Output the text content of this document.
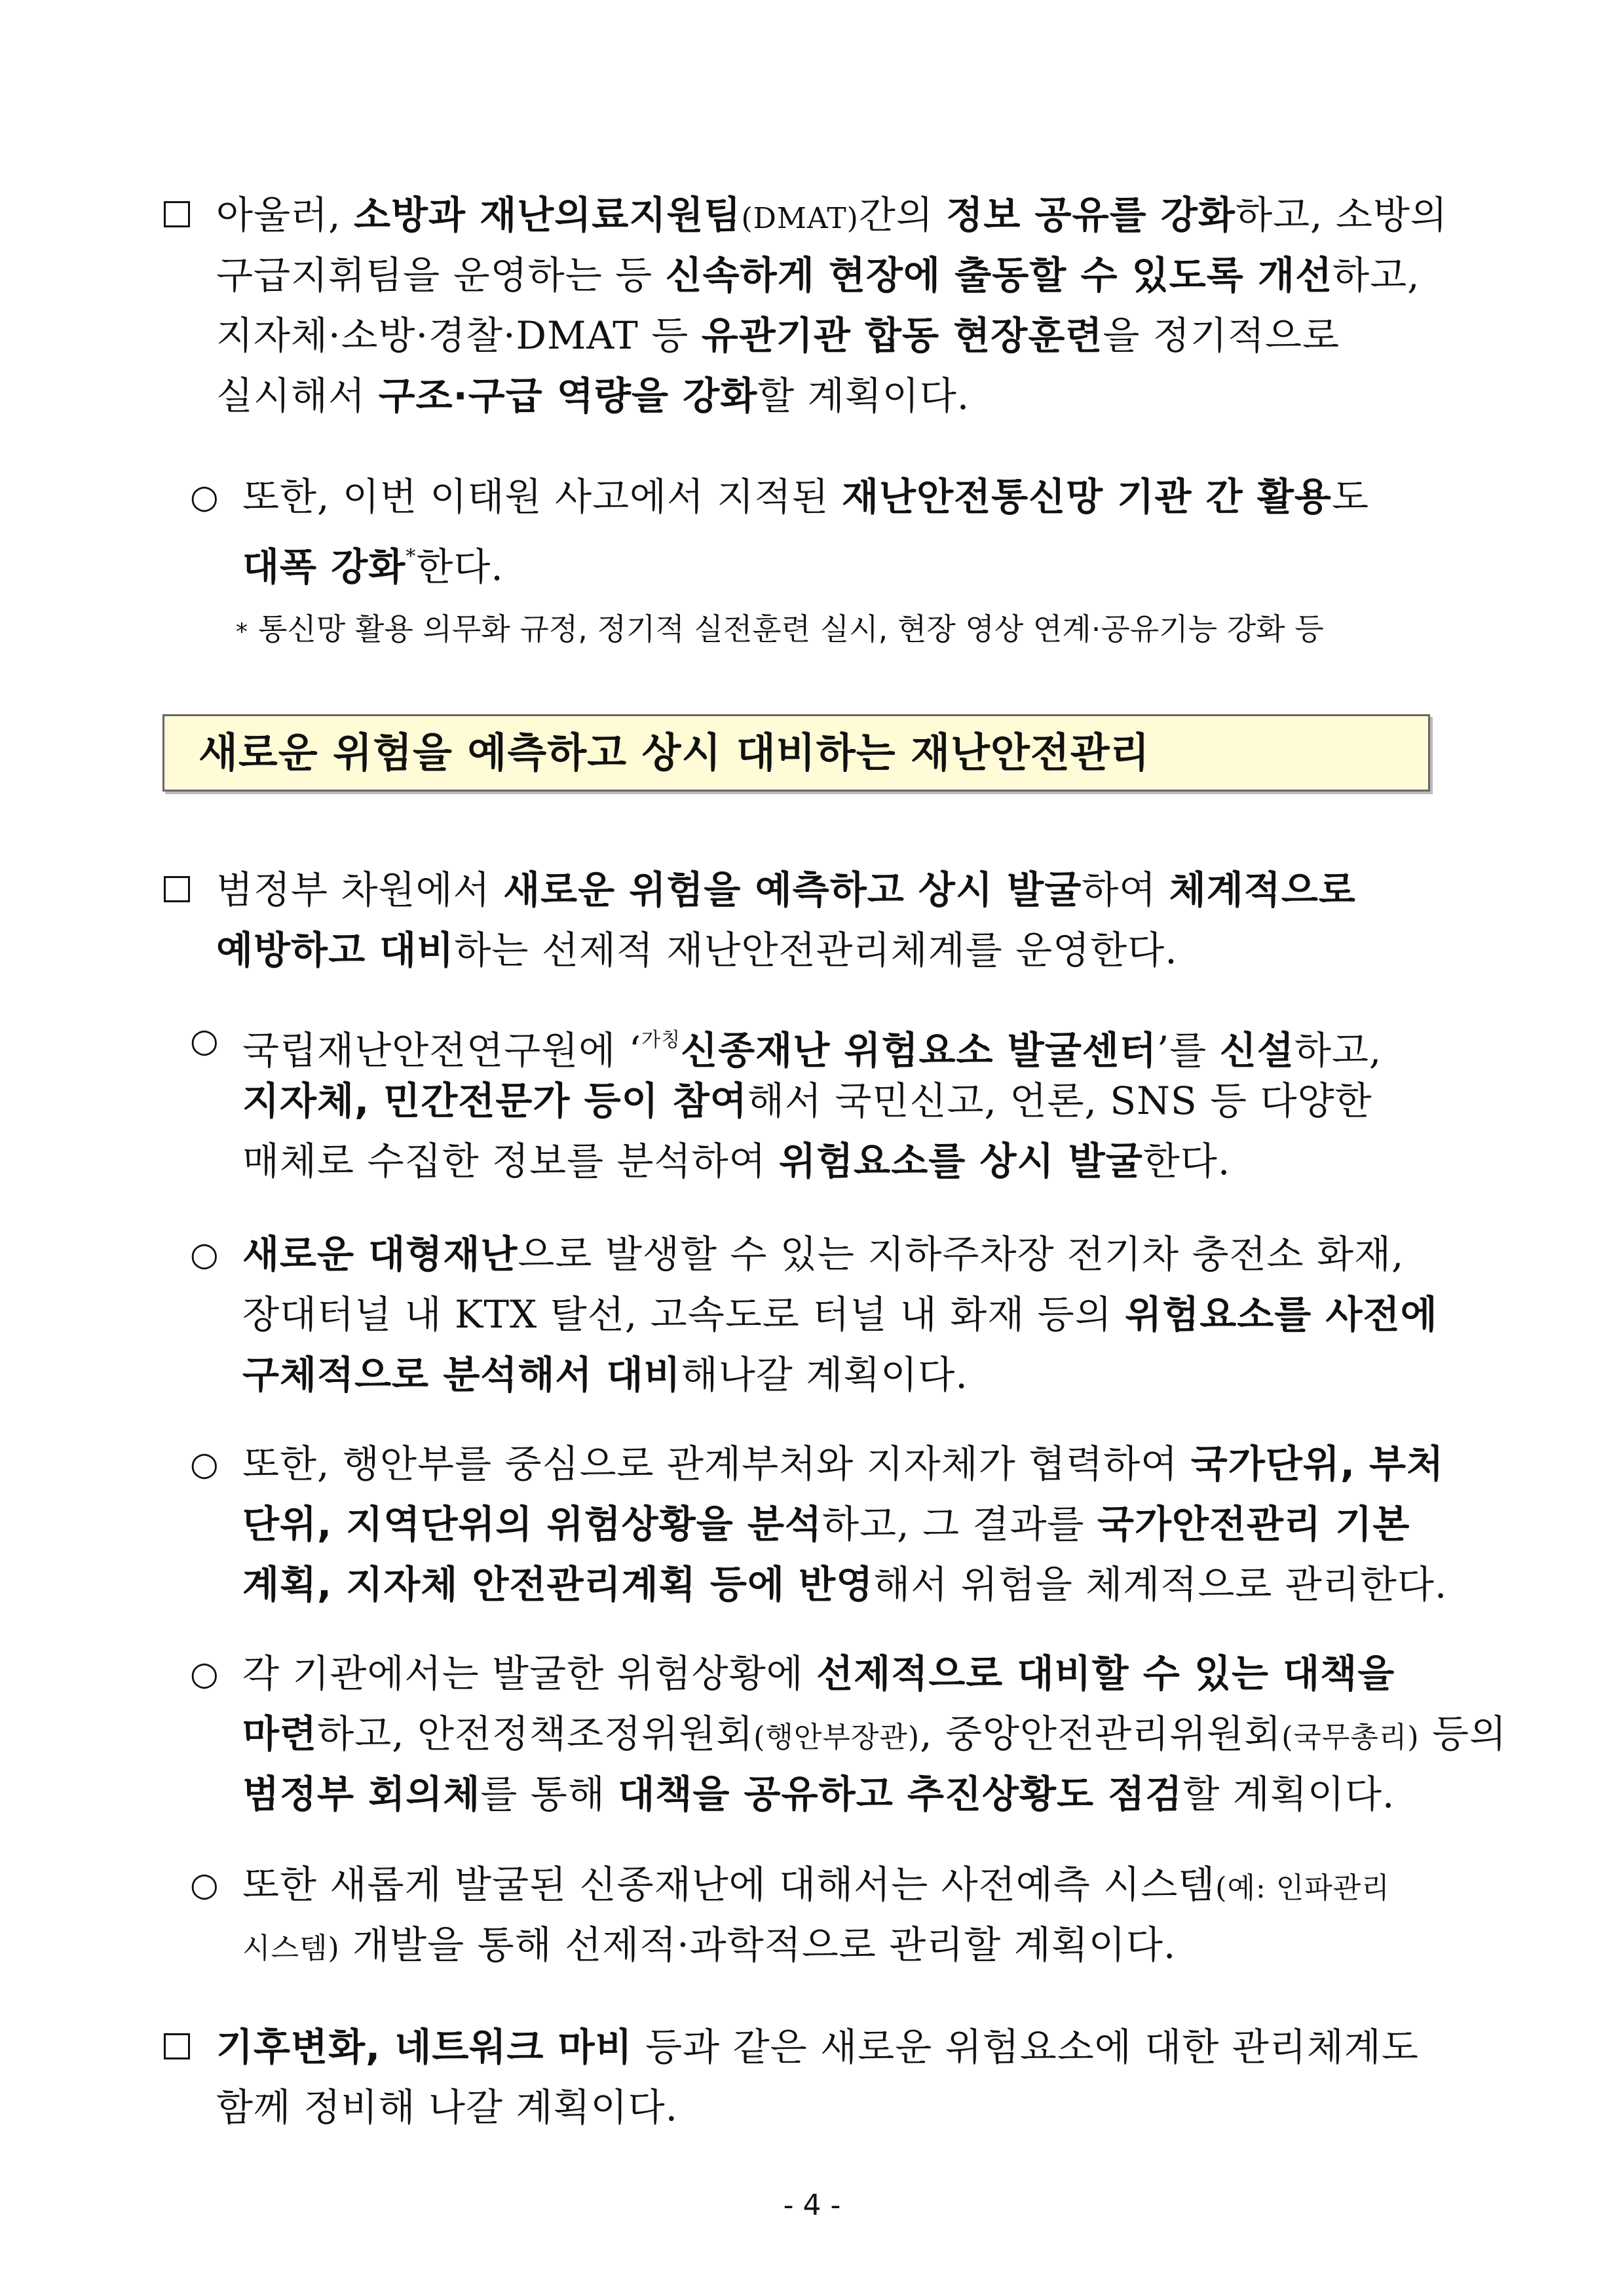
아울러, 소방과 재난의료지원팀(DMAT)간의 정보 공유를 강화하고, 소방의
구급지휘팀을 운영하는 등 신속하게 현장에 출동할 수 있도록 개선하고,
지자체·소방·경찰·DMAT 등 유관기관 합동 현장훈련을 정기적으로
실시해서 구조·구급 역량을 강화할 계획이다.
○ 또한, 이번 이태원 사고에서 지적된 재난안전통신망 기관 간 활용도
대폭 강화*한다.
* 통신망 활용 의무화 규정, 정기적 실전훈련 실시, 현장 영상 연계·공유기능 강화 등
새로운 위험을 예측하고 상시 대비하는 재난안전관리
범정부 차원에서 새로운 위험을 예측하고 상시 발굴하여 체계적으로
예방하고 대비하는 선제적 재난안전관리체계를 운영한다.
○ 국립재난안전연구원에 ‘$^{가칭}$신종재난 위험요소 발굴센터’를 신설하고,
지자체, 민간전문가 등이 참여해서 국민신고, 언론, SNS 등 다양한
매체로 수집한 정보를 분석하여 위험요소를 상시 발굴한다.
○ 새로운 대형재난으로 발생할 수 있는 지하주차장 전기차 충전소 화재,
장대터널 내 KTX 탈선, 고속도로 터널 내 화재 등의 위험요소를 사전에
구체적으로 분석해서 대비해나갈 계획이다.
○ 또한, 행안부를 중심으로 관계부처와 지자체가 협력하여 국가단위, 부처
단위, 지역단위의 위험상황을 분석하고, 그 결과를 국가안전관리 기본
계획, 지자체 안전관리계획 등에 반영해서 위험을 체계적으로 관리한다.
○ 각 기관에서는 발굴한 위험상황에 선제적으로 대비할 수 있는 대책을
마련하고, 안전정책조정위원회(행안부장관), 중앙안전관리위원회(국무총리) 등의
범정부 회의체를 통해 대책을 공유하고 추진상황도 점검할 계획이다.
○ 또한 새롭게 발굴된 신종재난에 대해서는 사전예측 시스템(예: 인파관리
시스템) 개발을 통해 선제적·과학적으로 관리할 계획이다.
기후변화, 네트워크 마비 등과 같은 새로운 위험요소에 대한 관리체계도
함께 정비해 나갈 계획이다.
- 4 -
